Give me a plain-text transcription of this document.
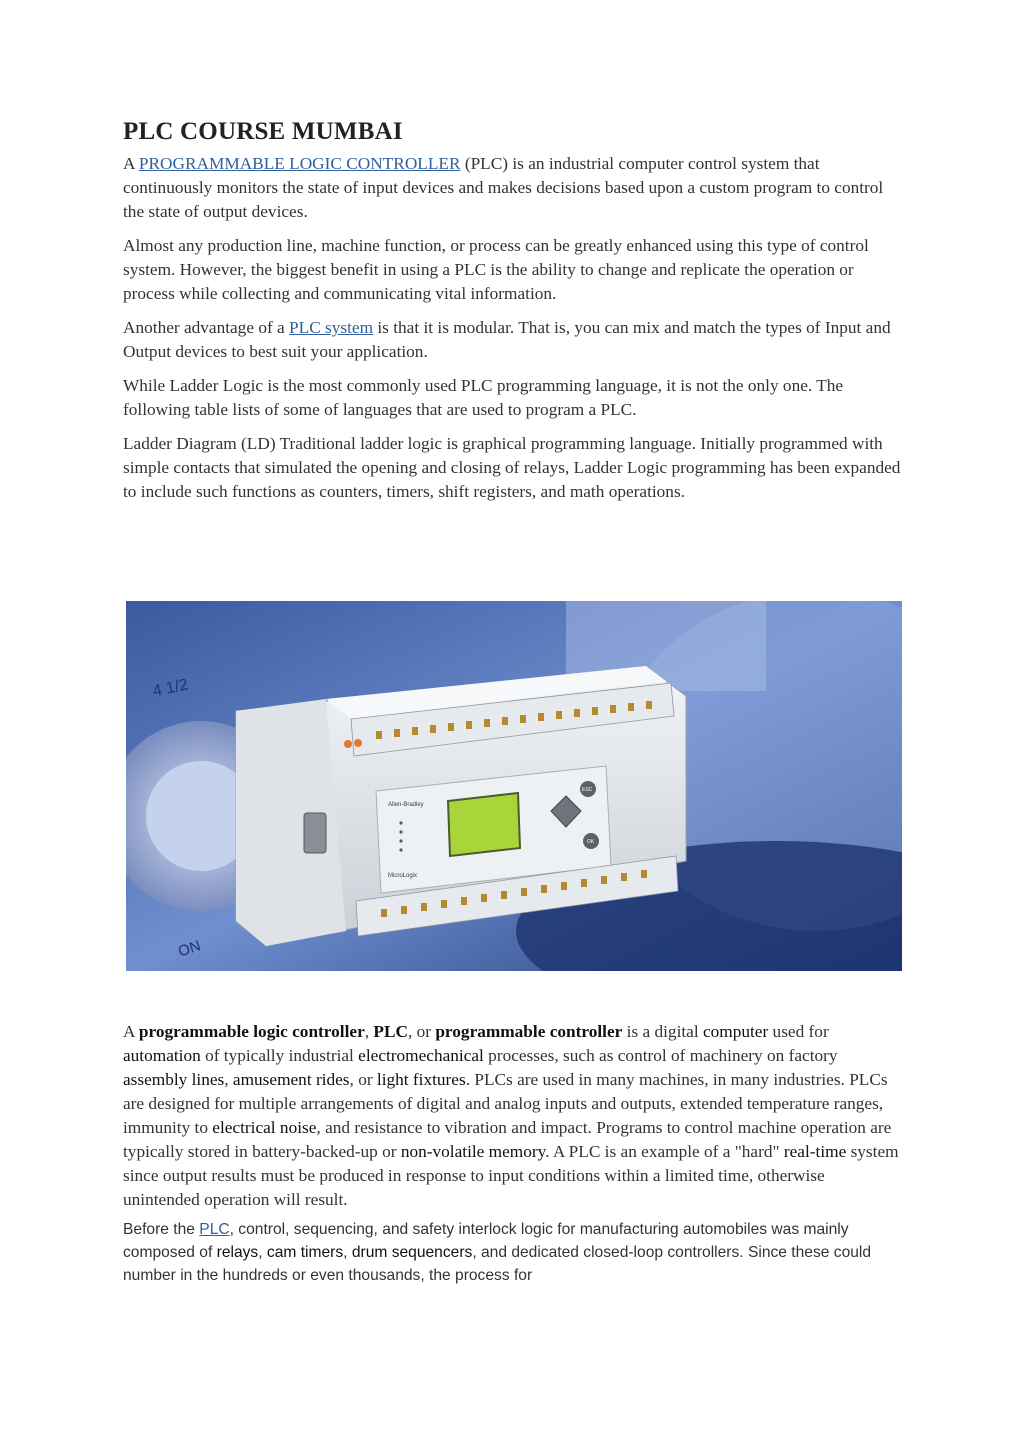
PLC COURSE MUMBAI

A PROGRAMMABLE LOGIC CONTROLLER (PLC) is an industrial computer control system that continuously monitors the state of input devices and makes decisions based upon a custom program to control the state of output devices.

Almost any production line, machine function, or process can be greatly enhanced using this type of control system. However, the biggest benefit in using a PLC is the ability to change and replicate the operation or process while collecting and communicating vital information.

Another advantage of a PLC system is that it is modular. That is, you can mix and match the types of Input and Output devices to best suit your application.

While Ladder Logic is the most commonly used PLC programming language, it is not the only one. The following table lists of some of languages that are used to program a PLC.

Ladder Diagram (LD) Traditional ladder logic is graphical programming language. Initially programmed with simple contacts that simulated the opening and closing of relays, Ladder Logic programming has been expanded to include such functions as counters, timers, shift registers, and math operations.

4 1/2
ON
Allen-Bradley
MicroLogix
ESC
OK

A programmable logic controller, PLC, or programmable controller is a digital computer used for automation of typically industrial electromechanical processes, such as control of machinery on factory assembly lines, amusement rides, or light fixtures. PLCs are used in many machines, in many industries. PLCs are designed for multiple arrangements of digital and analog inputs and outputs, extended temperature ranges, immunity to electrical noise, and resistance to vibration and impact. Programs to control machine operation are typically stored in battery-backed-up or non-volatile memory. A PLC is an example of a "hard" real-time system since output results must be produced in response to input conditions within a limited time, otherwise unintended operation will result.

Before the PLC, control, sequencing, and safety interlock logic for manufacturing automobiles was mainly composed of relays, cam timers, drum sequencers, and dedicated closed-loop controllers. Since these could number in the hundreds or even thousands, the process for
